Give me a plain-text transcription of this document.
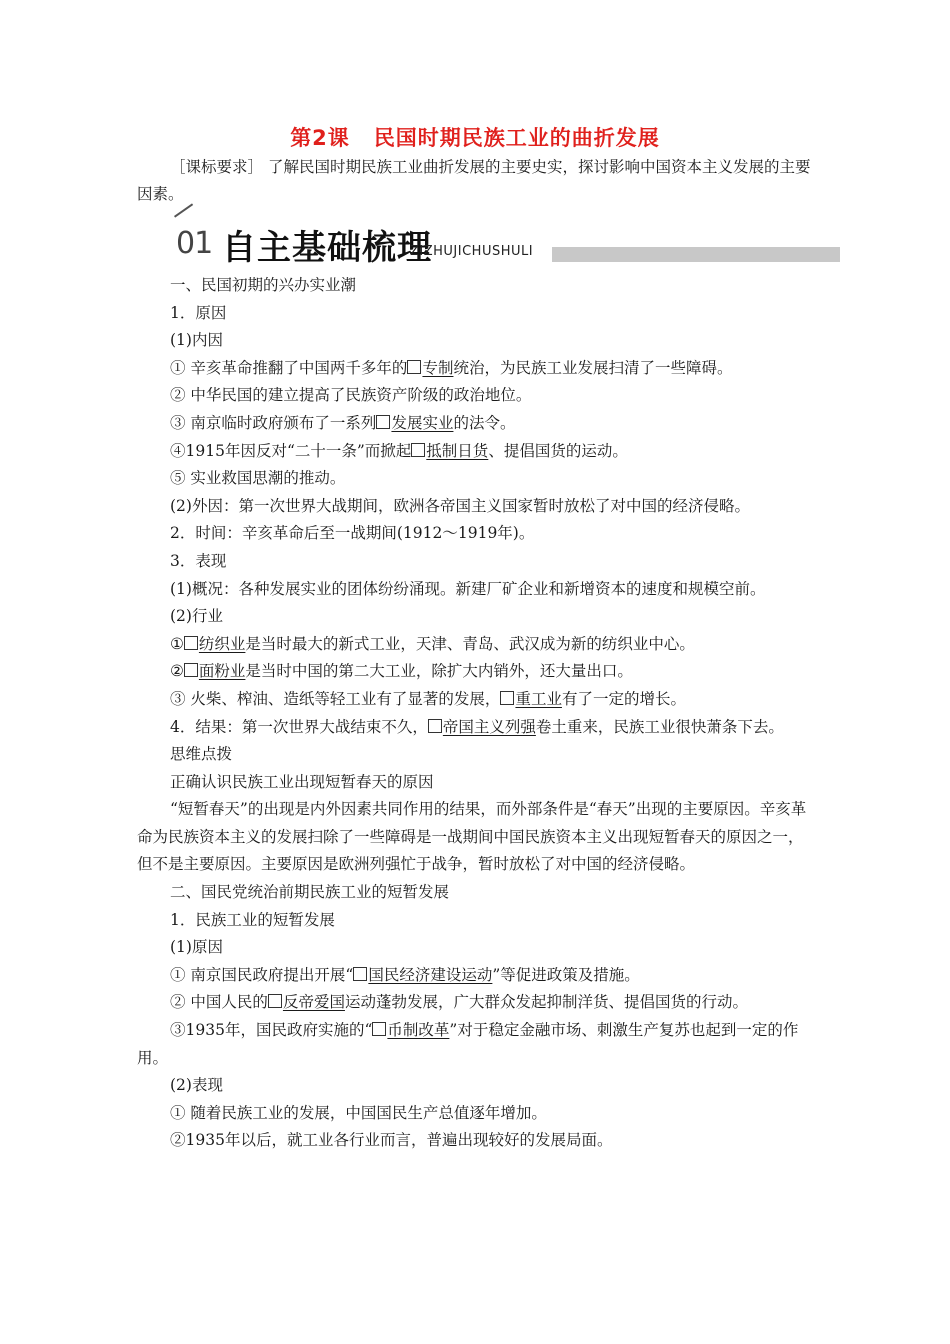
第2课 民国时期民族工业的曲折发展
［课标要求］ 了解民国时期民族工业曲折发展的主要史实，探讨影响中国资本主义发展的主要因素。
01 自主基础梳理
ZIZHUJICHUSHULI
一、民国初期的兴办实业潮
1．原因
(1)内因
① 辛亥革命推翻了中国两千多年的 专制统治，为民族工业发展扫清了一些障碍。
② 中华民国的建立提高了民族资产阶级的政治地位。
③ 南京临时政府颁布了一系列 发展实业的法令。
④1915年因反对“二十一条”而掀起 抵制日货、提倡国货的运动。
⑤ 实业救国思潮的推动。
(2)外因：第一次世界大战期间，欧洲各帝国主义国家暂时放松了对中国的经济侵略。
2．时间：辛亥革命后至一战期间(1912～1919年)。
3．表现
(1)概况：各种发展实业的团体纷纷涌现。新建厂矿企业和新增资本的速度和规模空前。
(2)行业
① 纺织业是当时最大的新式工业，天津、青岛、武汉成为新的纺织业中心。
② 面粉业是当时中国的第二大工业，除扩大内销外，还大量出口。
③ 火柴、榨油、造纸等轻工业有了显著的发展， 重工业有了一定的增长。
4．结果：第一次世界大战结束不久， 帝国主义列强卷土重来，民族工业很快萧条下去。
思维点拨
正确认识民族工业出现短暂春天的原因
“短暂春天”的出现是内外因素共同作用的结果，而外部条件是“春天”出现的主要原因。辛亥革命为民族资本主义的发展扫除了一些障碍是一战期间中国民族资本主义出现短暂春天的原因之一，但不是主要原因。主要原因是欧洲列强忙于战争，暂时放松了对中国的经济侵略。
二、国民党统治前期民族工业的短暂发展
1．民族工业的短暂发展
(1)原因
① 南京国民政府提出开展“ 国民经济建设运动”等促进政策及措施。
② 中国人民的 反帝爱国运动蓬勃发展，广大群众发起抑制洋货、提倡国货的行动。
③1935年，国民政府实施的“ 币制改革”对于稳定金融市场、刺激生产复苏也起到一定的作用。
(2)表现
① 随着民族工业的发展，中国国民生产总值逐年增加。
②1935年以后，就工业各行业而言，普遍出现较好的发展局面。
